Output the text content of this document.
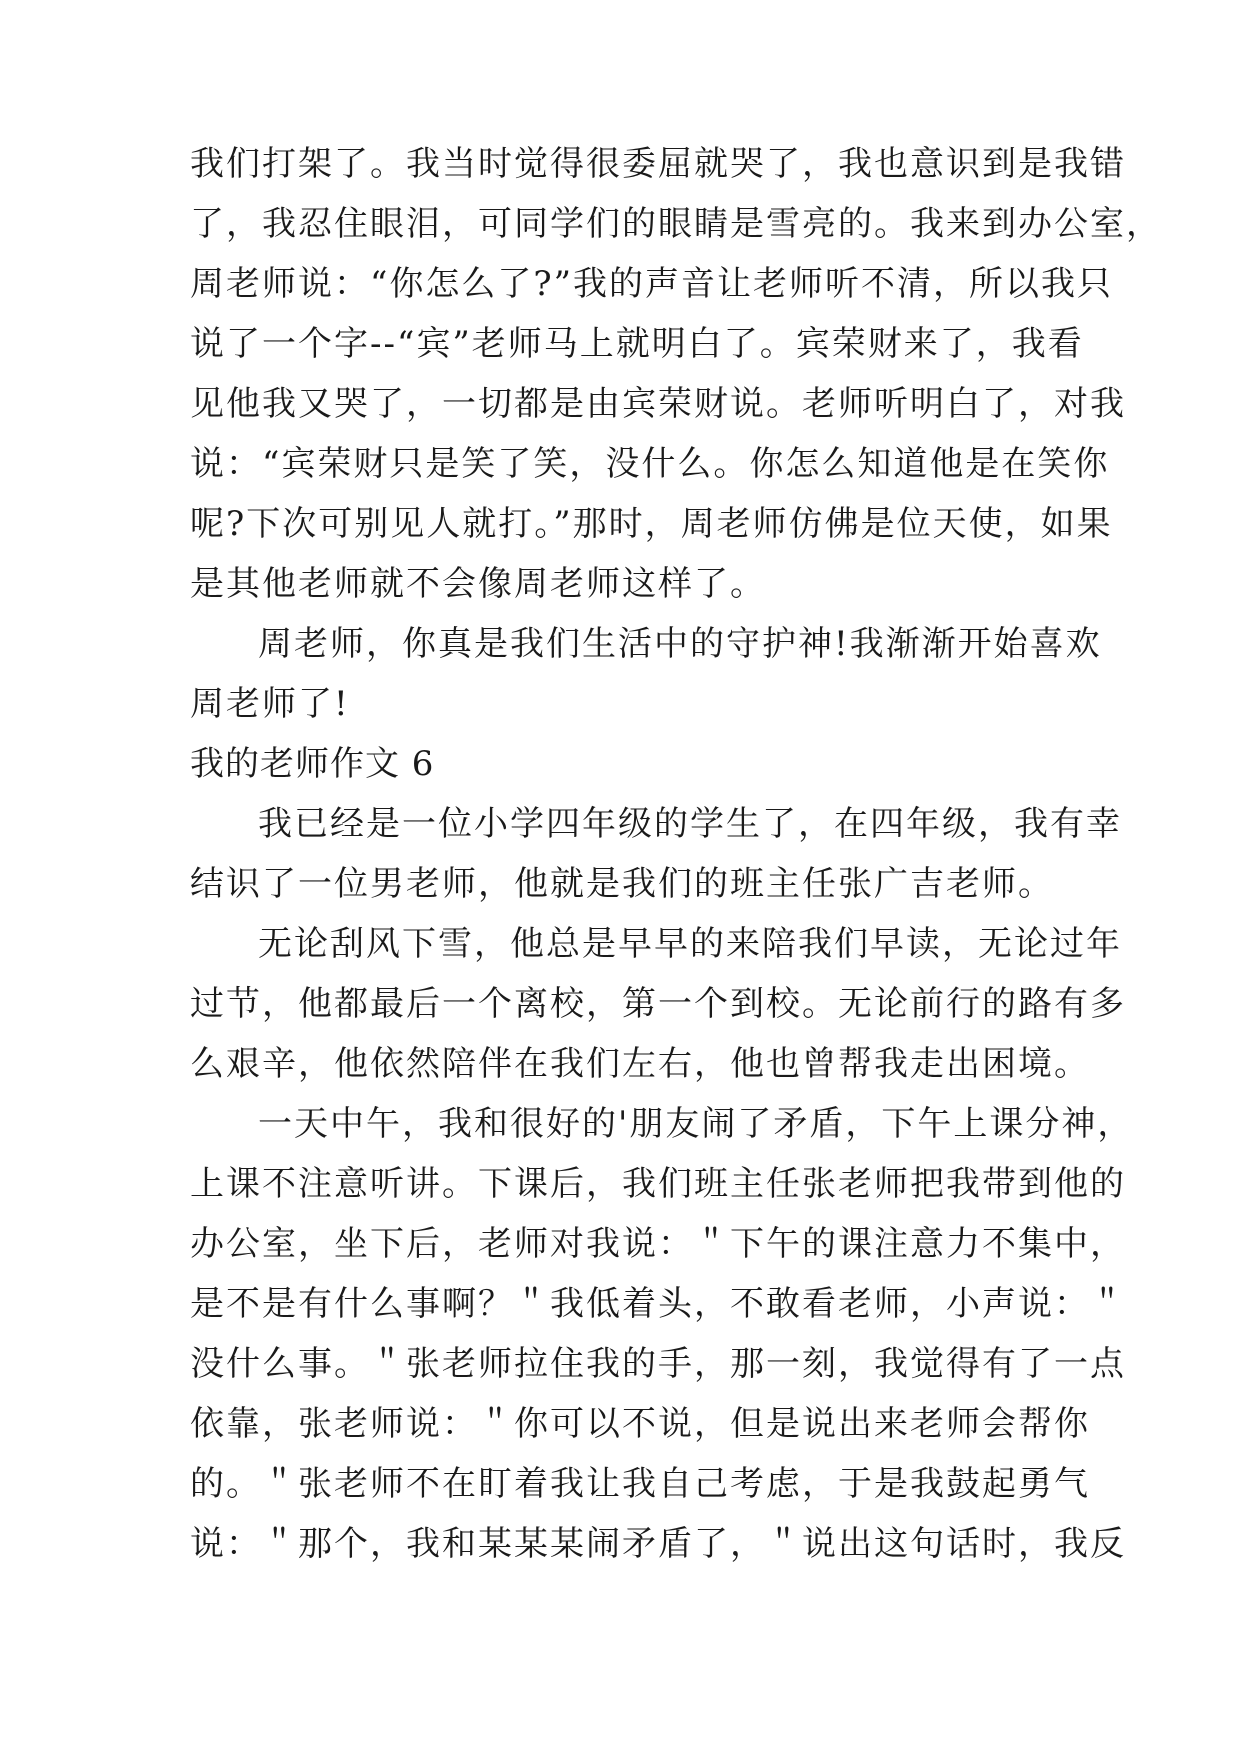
我们打架了。我当时觉得很委屈就哭了，我也意识到是我错
了，我忍住眼泪，可同学们的眼睛是雪亮的。我来到办公室，
周老师说：“你怎么了?”我的声音让老师听不清，所以我只
说了一个字--“宾”老师马上就明白了。宾荣财来了，我看
见他我又哭了，一切都是由宾荣财说。老师听明白了，对我
说：“宾荣财只是笑了笑，没什么。你怎么知道他是在笑你
呢?下次可别见人就打。”那时，周老师仿佛是位天使，如果
是其他老师就不会像周老师这样了。
周老师，你真是我们生活中的守护神!我渐渐开始喜欢
周老师了!
我的老师作文 6
我已经是一位小学四年级的学生了，在四年级，我有幸
结识了一位男老师，他就是我们的班主任张广吉老师。
无论刮风下雪，他总是早早的来陪我们早读，无论过年
过节，他都最后一个离校，第一个到校。无论前行的路有多
么艰辛，他依然陪伴在我们左右，他也曾帮我走出困境。
一天中午，我和很好的'朋友闹了矛盾，下午上课分神，
上课不注意听讲。下课后，我们班主任张老师把我带到他的
办公室，坐下后，老师对我说：＂下午的课注意力不集中，
是不是有什么事啊？＂我低着头，不敢看老师，小声说：＂
没什么事。＂张老师拉住我的手，那一刻，我觉得有了一点
依靠，张老师说：＂你可以不说，但是说出来老师会帮你
的。＂张老师不在盯着我让我自己考虑，于是我鼓起勇气
说：＂那个，我和某某某闹矛盾了，＂说出这句话时，我反
